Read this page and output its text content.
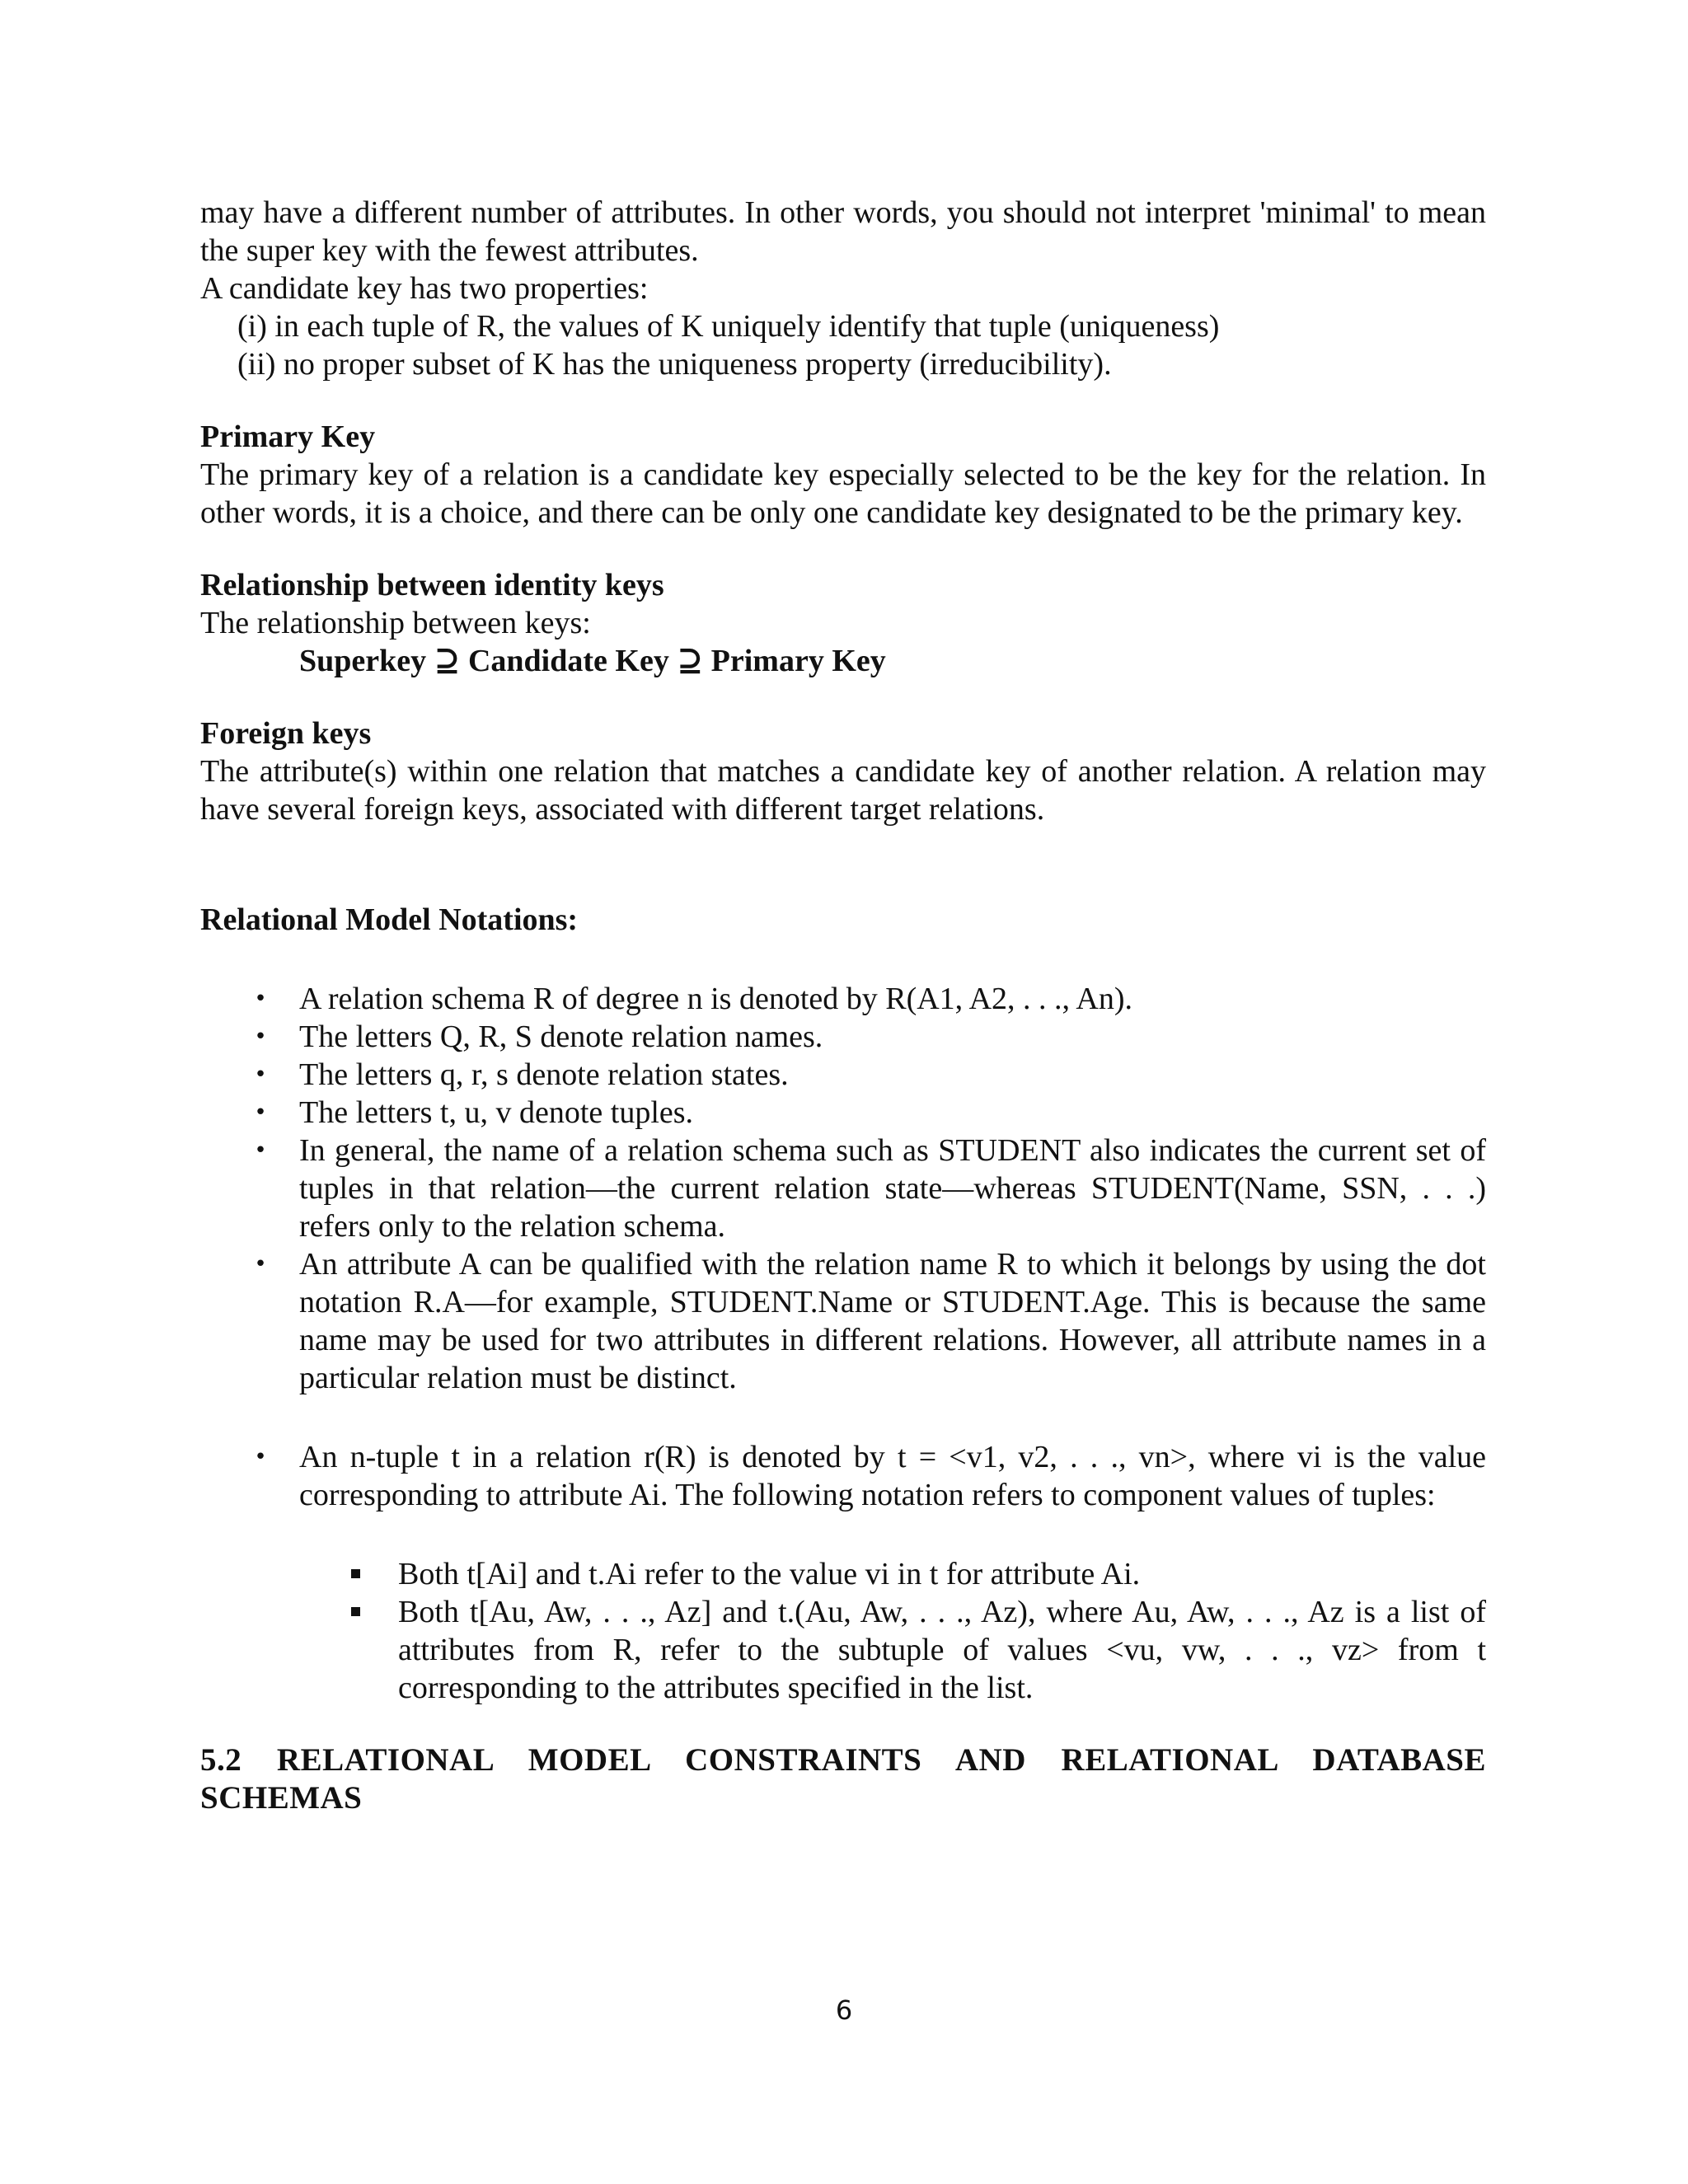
may have a different number of attributes. In other words, you should not interpret 'minimal' to mean the super key with the fewest attributes.

A candidate key has two properties:

(i) in each tuple of R, the values of K uniquely identify that tuple (uniqueness)
(ii) no proper subset of K has the uniqueness property (irreducibility).

Primary Key

The primary key of a relation is a candidate key especially selected to be the key for the relation. In other words, it is a choice, and there can be only one candidate key designated to be the primary key.

Relationship between identity keys

The relationship between keys:

Superkey ⊇ Candidate Key ⊇ Primary Key

Foreign keys

The attribute(s) within one relation that matches a candidate key of another relation. A relation may have several foreign keys, associated with different target relations.

Relational Model Notations:

• A relation schema R of degree n is denoted by R(A1, A2, . . ., An).
• The letters Q, R, S denote relation names.
• The letters q, r, s denote relation states.
• The letters t, u, v denote tuples.
• In general, the name of a relation schema such as STUDENT also indicates the current set of tuples in that relation—the current relation state—whereas STUDENT(Name, SSN, . . .) refers only to the relation schema.
• An attribute A can be qualified with the relation name R to which it belongs by using the dot notation R.A—for example, STUDENT.Name or STUDENT.Age. This is because the same name may be used for two attributes in different relations. However, all attribute names in a particular relation must be distinct.
• An n-tuple t in a relation r(R) is denoted by t = <v1, v2, . . ., vn>, where vi is the value corresponding to attribute Ai. The following notation refers to component values of tuples:
Both t[Ai] and t.Ai refer to the value vi in t for attribute Ai.
Both t[Au, Aw, . . ., Az] and t.(Au, Aw, . . ., Az), where Au, Aw, . . ., Az is a list of attributes from R, refer to the subtuple of values <vu, vw, . . ., vz> from t corresponding to the attributes specified in the list.

5.2 RELATIONAL MODEL CONSTRAINTS AND RELATIONAL DATABASE SCHEMAS

6
